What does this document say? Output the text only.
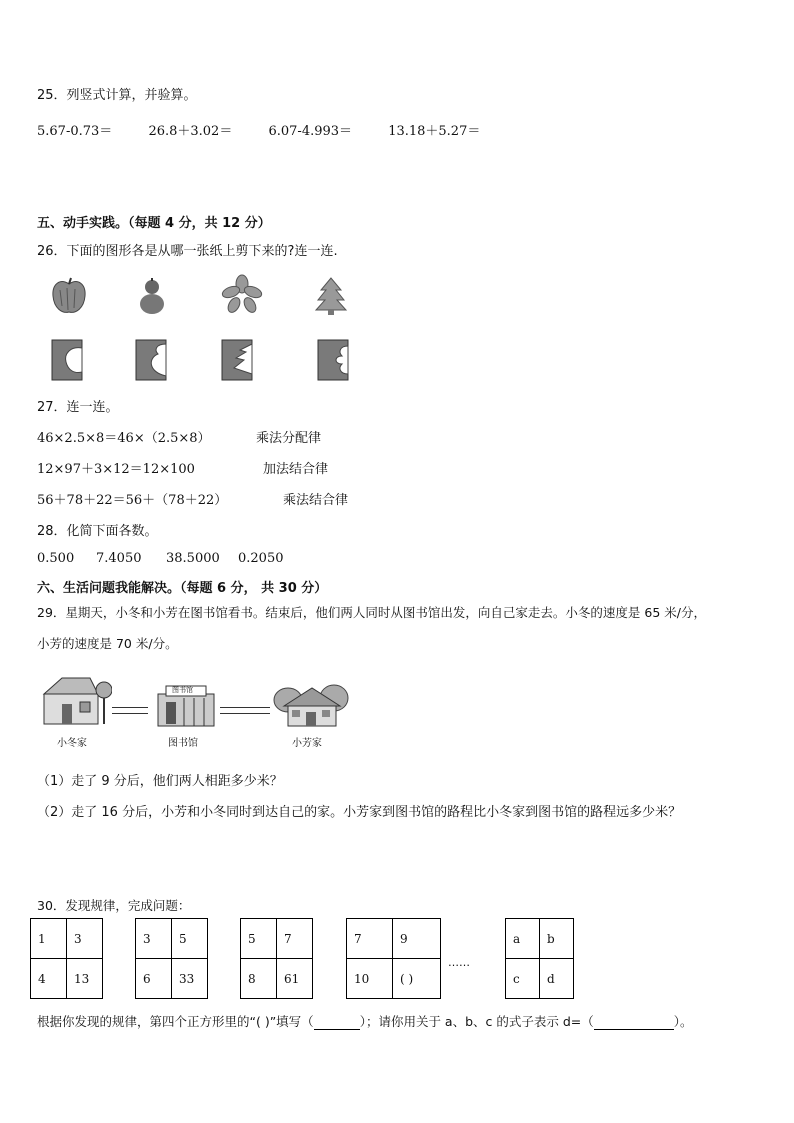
25．列竖式计算，并验算。
5.67-0.73＝	26.8＋3.02＝	6.07-4.993＝	13.18＋5.27＝
五、动手实践。（每题 4 分，共 12 分）
26．下面的图形各是从哪一张纸上剪下来的?连一连.
27．连一连。
46×2.5×8＝46×（2.5×8）
12×97＋3×12＝12×100
56＋78＋22＝56＋（78＋22）
乘法分配律
加法结合律
乘法结合律
28．化简下面各数。
0.500 7.4050 38.5000 0.2050
六、生活问题我能解决。（每题 6 分， 共 30 分）
29．星期天，小冬和小芳在图书馆看书。结束后，他们两人同时从图书馆出发，向自己家走去。小冬的速度是 65 米/分，
小芳的速度是 70 米/分。
图书馆
小冬家	图书馆	小芳家
（1）走了 9 分后，他们两人相距多少米？
（2）走了 16 分后，小芳和小冬同时到达自己的家。小芳家到图书馆的路程比小冬家到图书馆的路程远多少米？
30．发现规律，完成问题：
1	3
4	13
3	5
6	33
5	7
8	61
7	9
10	( )
……
a	b
c	d
根据你发现的规律，第四个正方形里的“( )”填写（	）；请你用关于 a、b、c 的式子表示 d=（	）。
